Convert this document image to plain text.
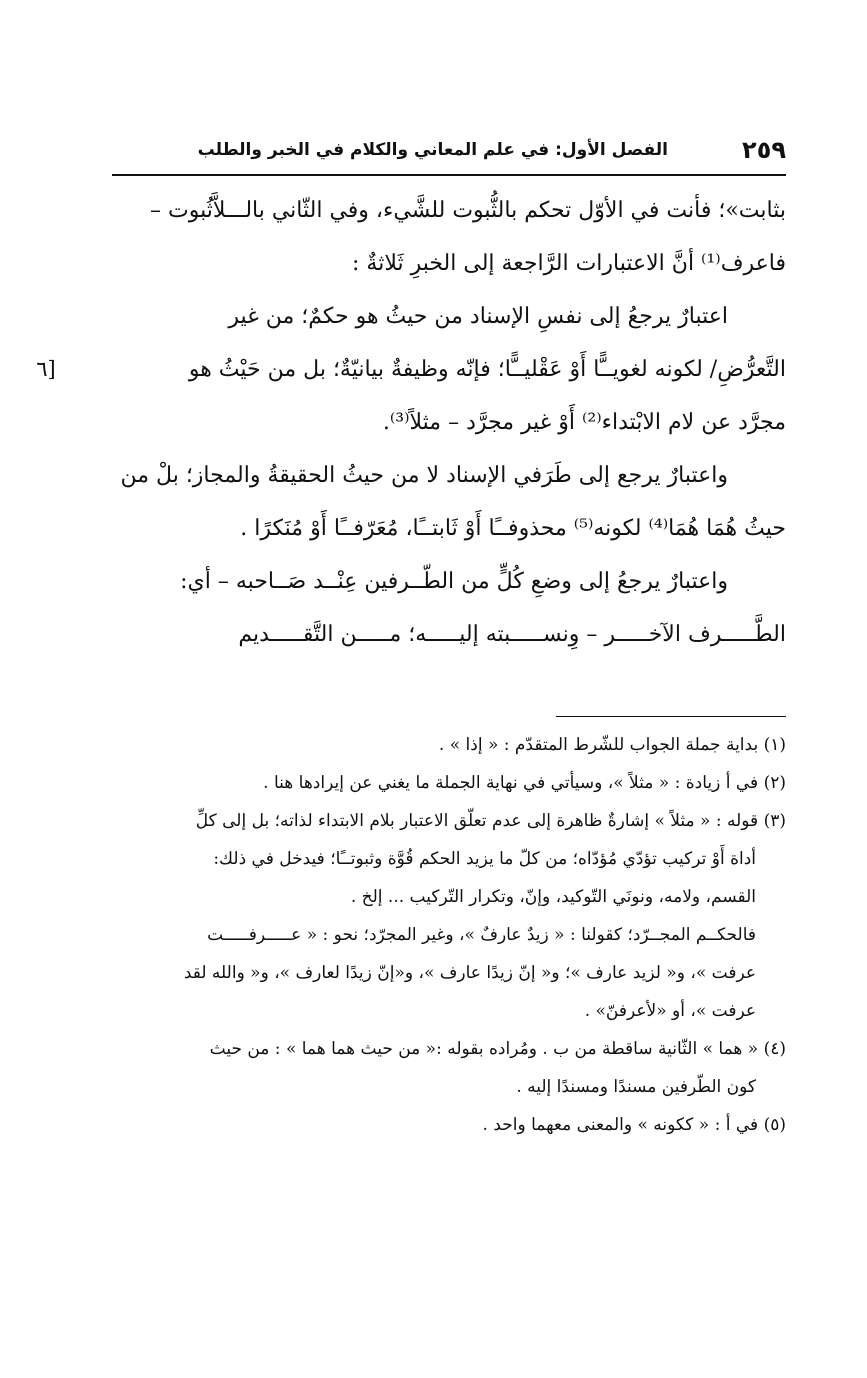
الفصل الأول: في علم المعاني والكلام في الخبر والطلب	٢٥٩
٦]

بثابت»؛ فأنت في الأوّل تحكم بالثُّبوت للشَّيء، وفي الثّاني بالـــلاَّثُبوت –

فاعرف⁽¹⁾ أنَّ الاعتبارات الرَّاجعة إلى الخبرِ ثَلاثةٌ :

اعتبارٌ يرجعُ إلى نفسِ الإسناد من حيثُ هو حكمٌ؛ من غير

التَّعرُّضِ/ لكونه لغويــًّا أَوْ عَقْليــًّا؛ فإنّه وظيفةٌ بيانيّةٌ؛ بل من حَيْثُ هو

مجرَّد عن لام الابْتداء⁽²⁾ أَوْ غير مجرَّد – مثلاً⁽³⁾.

واعتبارٌ يرجع إلى طَرَفي الإسناد لا من حيثُ الحقيقةُ والمجاز؛ بلْ من

حيثُ هُمَا هُمَا⁽⁴⁾ لكونه⁽⁵⁾ محذوفــًا أَوْ ثَابتــًا، مُعَرّفــًا أَوْ مُنَكرًا .

واعتبارٌ يرجعُ إلى وضعِ كُلٍّ من الطّــرفين عِنْــد صَــاحبه – أي:

الطَّـــــرف الآخـــــر – وِنســـــبته إليـــــه؛ مـــــن التَّقـــــديم

(١) بداية جملة الجواب للشّرط المتقدّم : « إذا » .

(٢) في أ زيادة : « مثلاً »، وسيأتي في نهاية الجملة ما يغني عن إيرادها هنا .

(٣) قوله : « مثلاً » إشارةٌ ظاهرة إلى عدم تعلّق الاعتبار بلام الابتداء لذاته؛ بل إلى كلِّ

أداة أَوْ تركيب تؤدّي مُؤدّاه؛ من كلّ ما يزيد الحكم قُوَّة وثبوتــًا؛ فيدخل في ذلك:

القسم، ولامه، ونونَي التّوكيد، وإنّ، وتكرار التّركيب ... إلخ .

فالحكــم المجــرّد؛ كقولنا : « زيدٌ عارفٌ »، وغير المجرّد؛ نحو : « عـــــرفـــــت

عرفت »، و« لزيد عارف »؛ و« إنّ زيدًا عارف »، و«إنّ زيدًا لعارف »، و« والله لقد

عرفت »، أو «لأعرفنّ» .

(٤) « هما » الثّانية ساقطة من ب . ومُراده بقوله :« من حيث هما هما » : من حيث

كون الطّرفين مسندًا ومسندًا إليه .

(٥) في أ : « ككونه » والمعنى معهما واحد .
